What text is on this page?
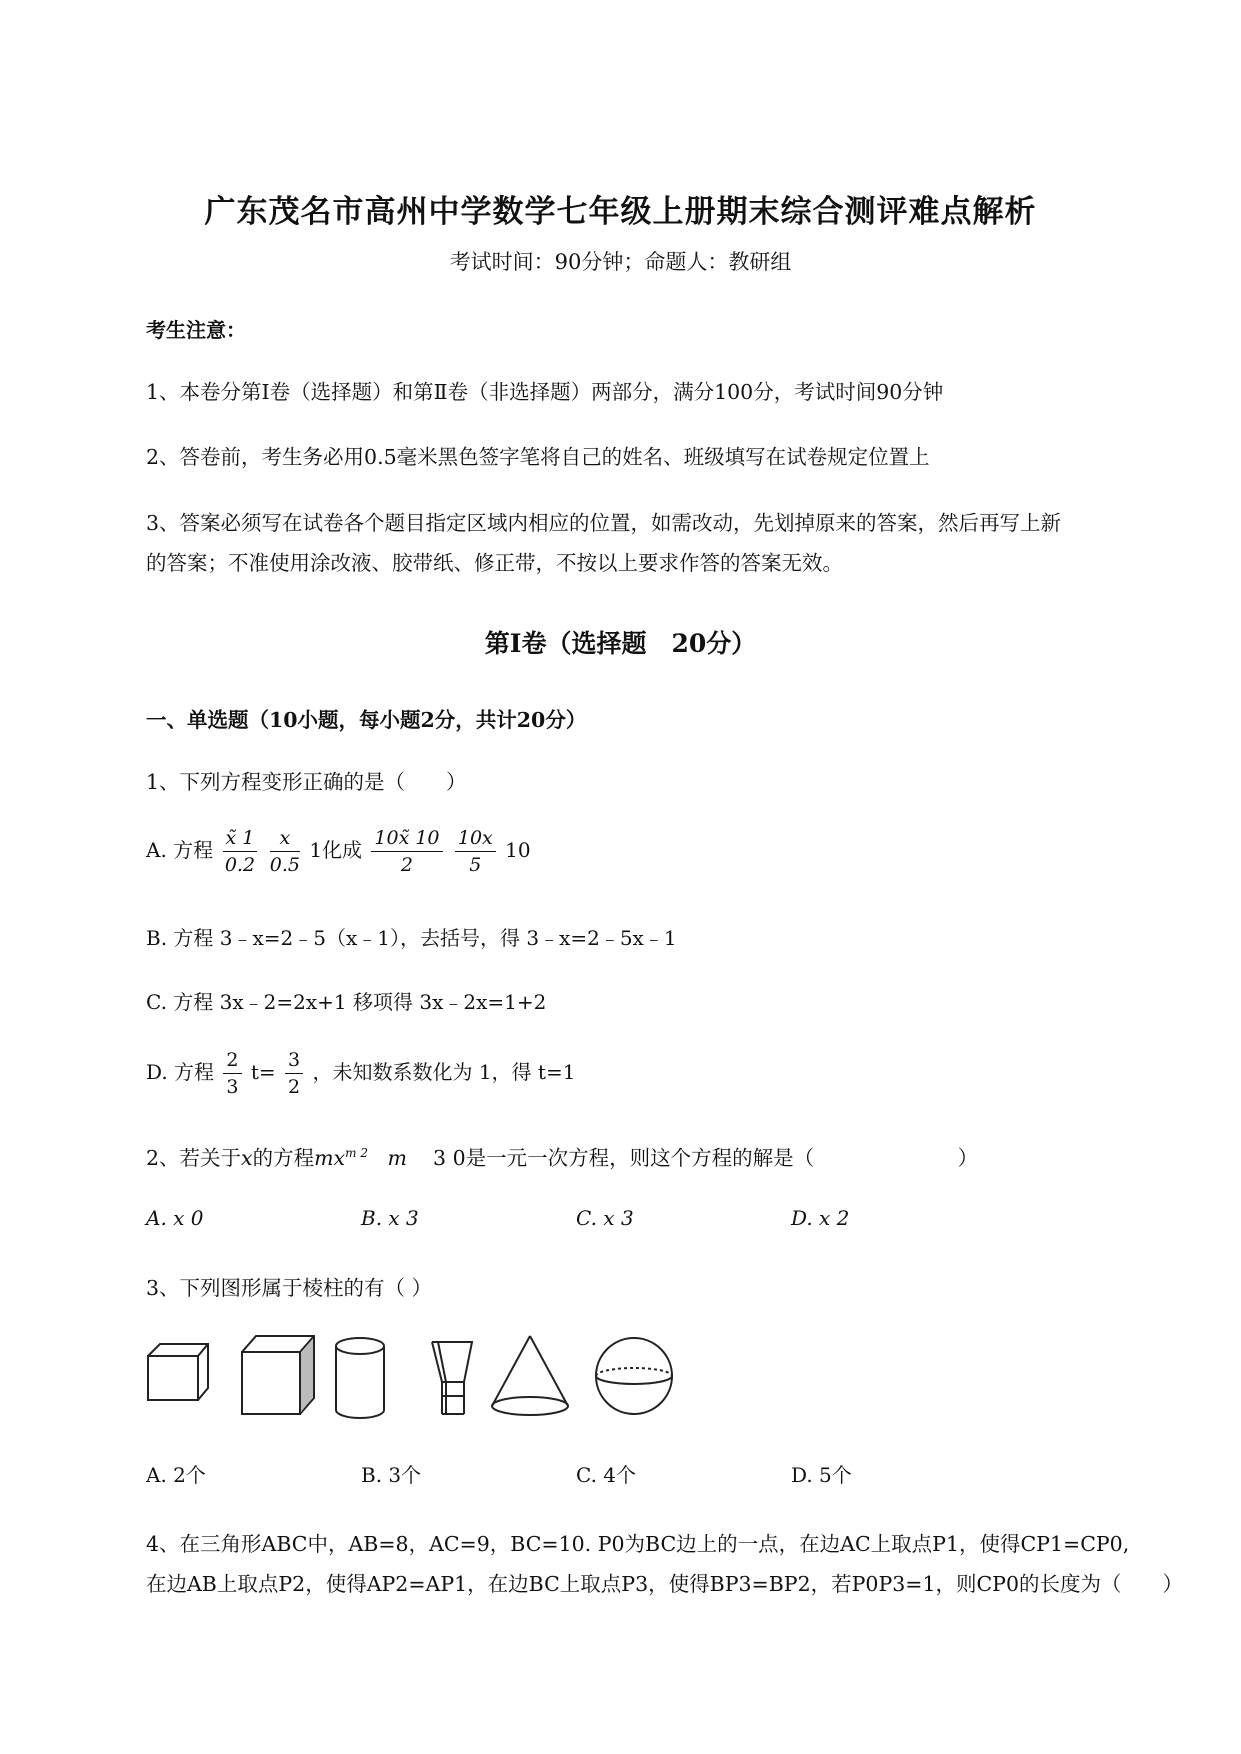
广东茂名市高州中学数学七年级上册期末综合测评难点解析
考试时间：90分钟；命题人：教研组
考生注意：
1、本卷分第I卷（选择题）和第Ⅱ卷（非选择题）两部分，满分100分，考试时间90分钟
2、答卷前，考生务必用0.5毫米黑色签字笔将自己的姓名、班级填写在试卷规定位置上
3、答案必须写在试卷各个题目指定区域内相应的位置，如需改动，先划掉原来的答案，然后再写上新
的答案；不准使用涂改液、胶带纸、修正带，不按以上要求作答的答案无效。
第I卷（选择题　20分）
一、单选题（10小题，每小题2分，共计20分）
1、下列方程变形正确的是（　　）
A. 方程 $\frac{x̃ 1}{0.2}$
$\frac{x}{0.5} 1$化成 $\frac{10x̃ 10}{2}$
$\frac{10x}{5} 10$
B. 方程 3﹣x=2﹣5（x﹣1），去括号，得 3﹣x=2﹣5x﹣1
C. 方程 3x﹣2=2x+1 移项得 3x﹣2x=1+2
D. 方程 $\frac{2}{3} t= \frac{3}{2}$ ，未知数系数化为 1，得 t=1
2、若关于x的方程$mx^{m 2}$ m 3 0是一元一次方程，则这个方程的解是（　　　　　　　）
A. x 0	B. x 3	C. x 3	D. x 2
3、下列图形属于棱柱的有（ ）
A. 2个	B. 3个	C. 4个	D. 5个
4、在三角形ABC中，AB=8，AC=9，BC=10. P0为BC边上的一点，在边AC上取点P1，使得CP1=CP0,
在边AB上取点P2，使得AP2=AP1，在边BC上取点P3，使得BP3=BP2，若P0P3=1，则CP0的长度为（　　）
